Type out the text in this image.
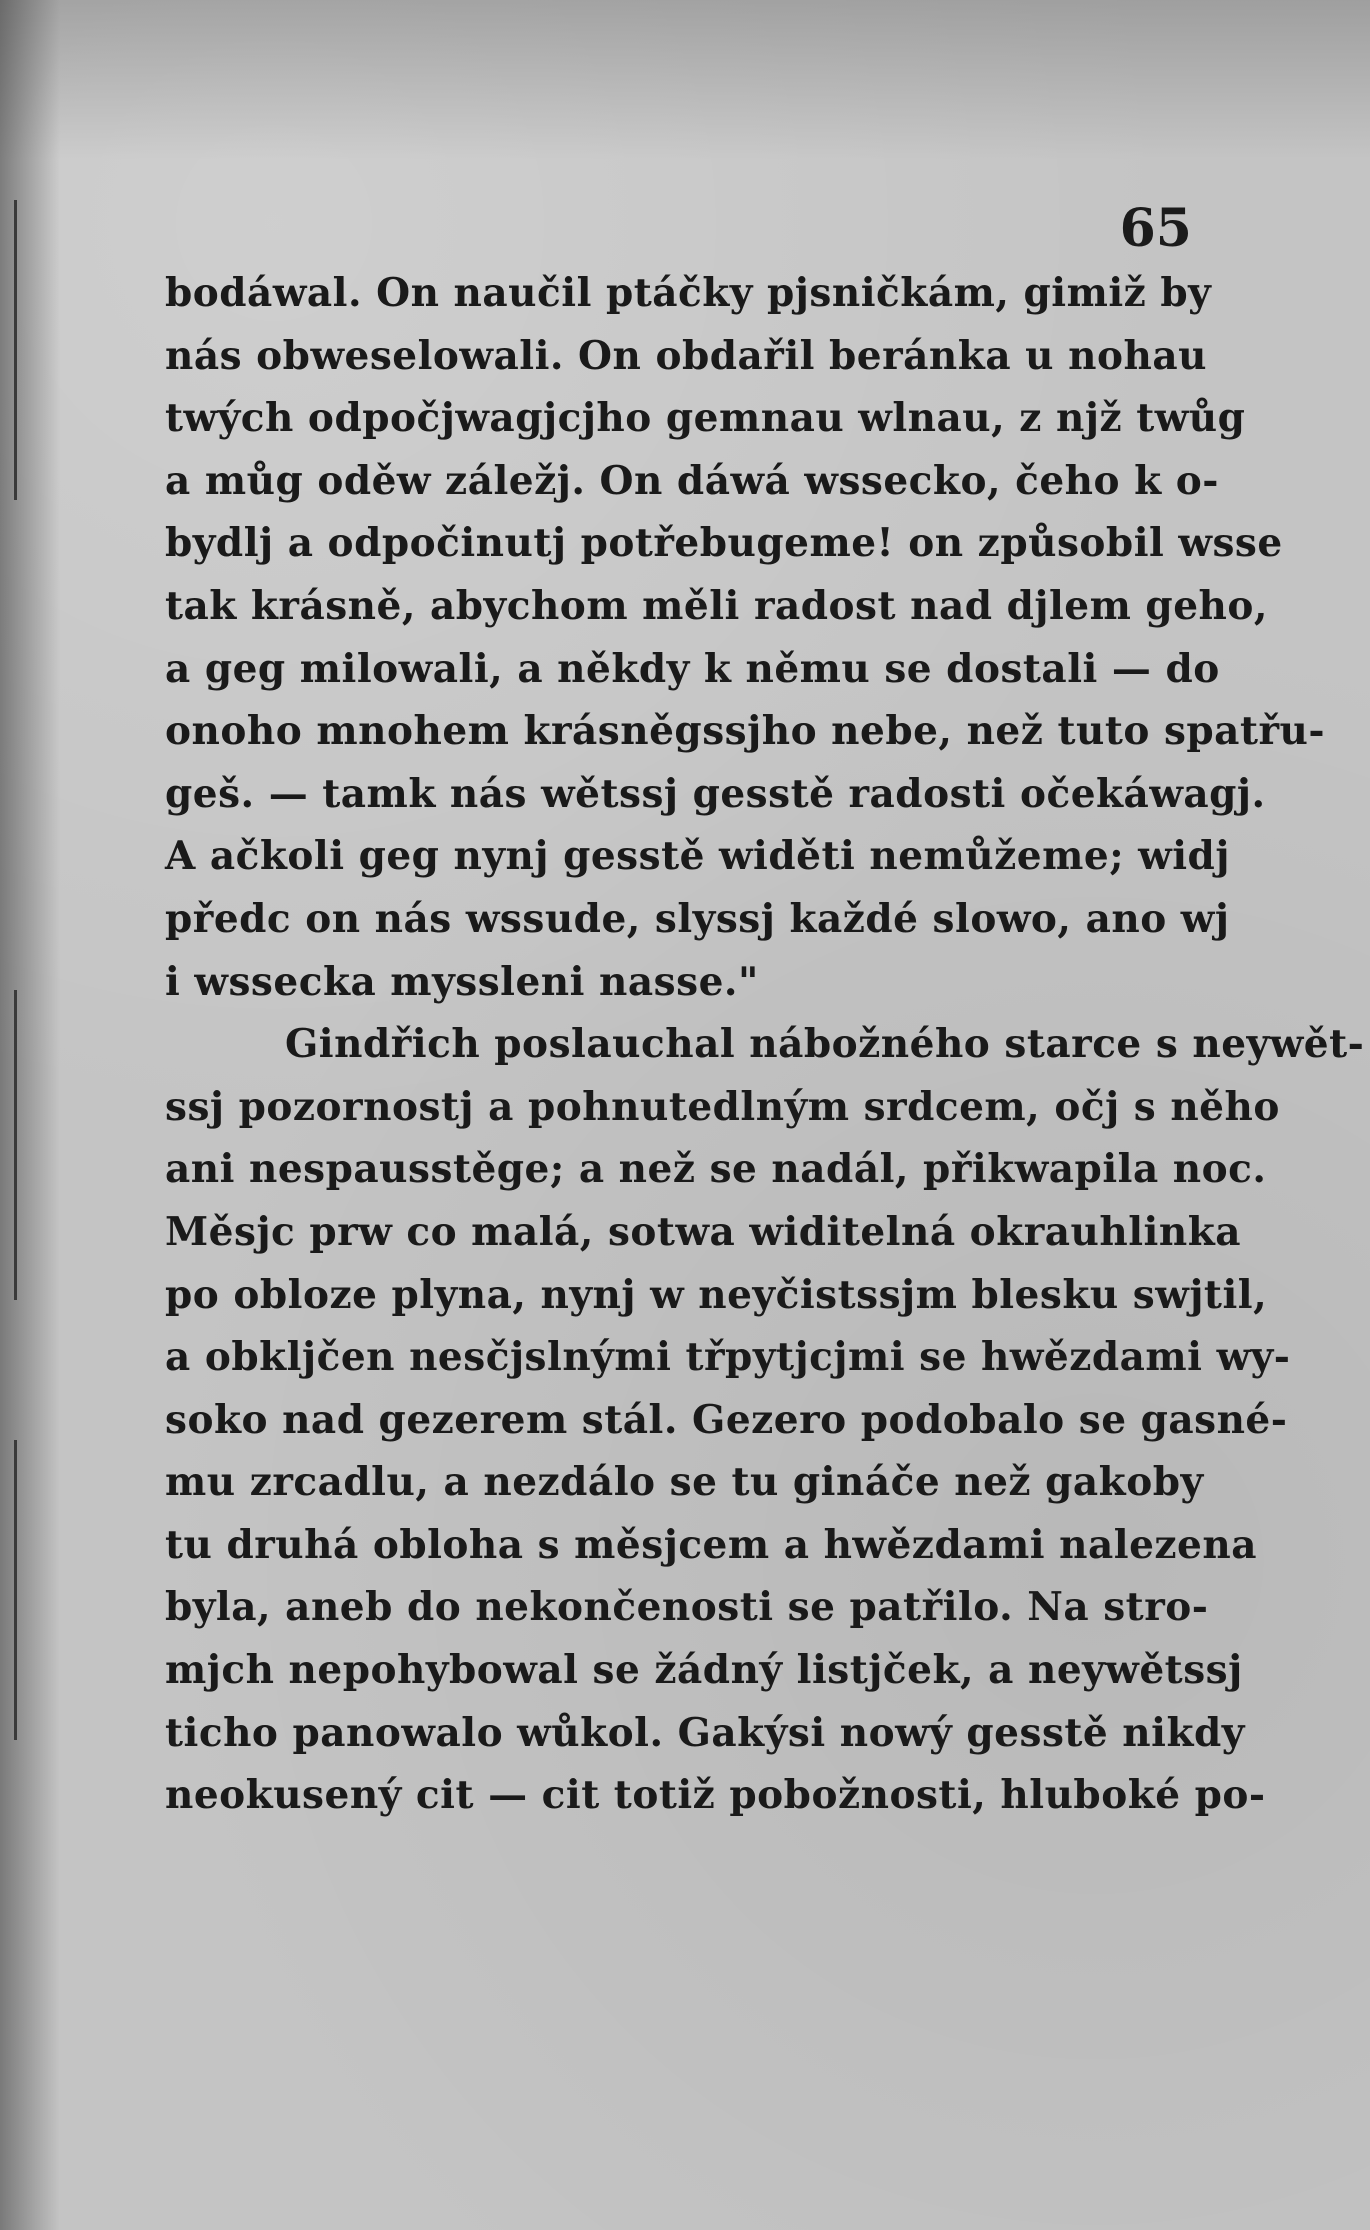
65
bodáwal. On naučil ptáčky pjsničkám, gimiž by
nás obweselowali. On obdařil beránka u nohau
twých odpočjwagjcjho gemnau wlnau, z njž twůg
a můg oděw záležj. On dáwá wssecko, čeho k o-
bydlj a odpočinutj potřebugeme! on způsobil wsse
tak krásně, abychom měli radost nad djlem geho,
a geg milowali, a někdy k němu se dostali — do
onoho mnohem krásněgssjho nebe, než tuto spatřu-
geš. — tamk nás wětssj gesstě radosti očekáwagj.
A ačkoli geg nynj gesstě widěti nemůžeme; widj
předc on nás wssude, slyssj každé slowo, ano wj
i wssecka myssleni nasse."
Gindřich poslauchal nábožného starce s neywět-
ssj pozornostj a pohnutedlným srdcem, očj s něho
ani nespausstěge; a než se nadál, přikwapila noc.
Měsjc prw co malá, sotwa widitelná okrauhlinka
po obloze plyna, nynj w neyčistssjm blesku swjtil,
a obkljčen nesčjslnými třpytjcjmi se hwězdami wy-
soko nad gezerem stál. Gezero podobalo se gasné-
mu zrcadlu, a nezdálo se tu gináče než gakoby
tu druhá obloha s měsjcem a hwězdami nalezena
byla, aneb do nekončenosti se patřilo. Na stro-
mjch nepohybowal se žádný listjček, a neywětssj
ticho panowalo wůkol. Gakýsi nowý gesstě nikdy
neokusený cit — cit totiž pobožnosti, hluboké po-
